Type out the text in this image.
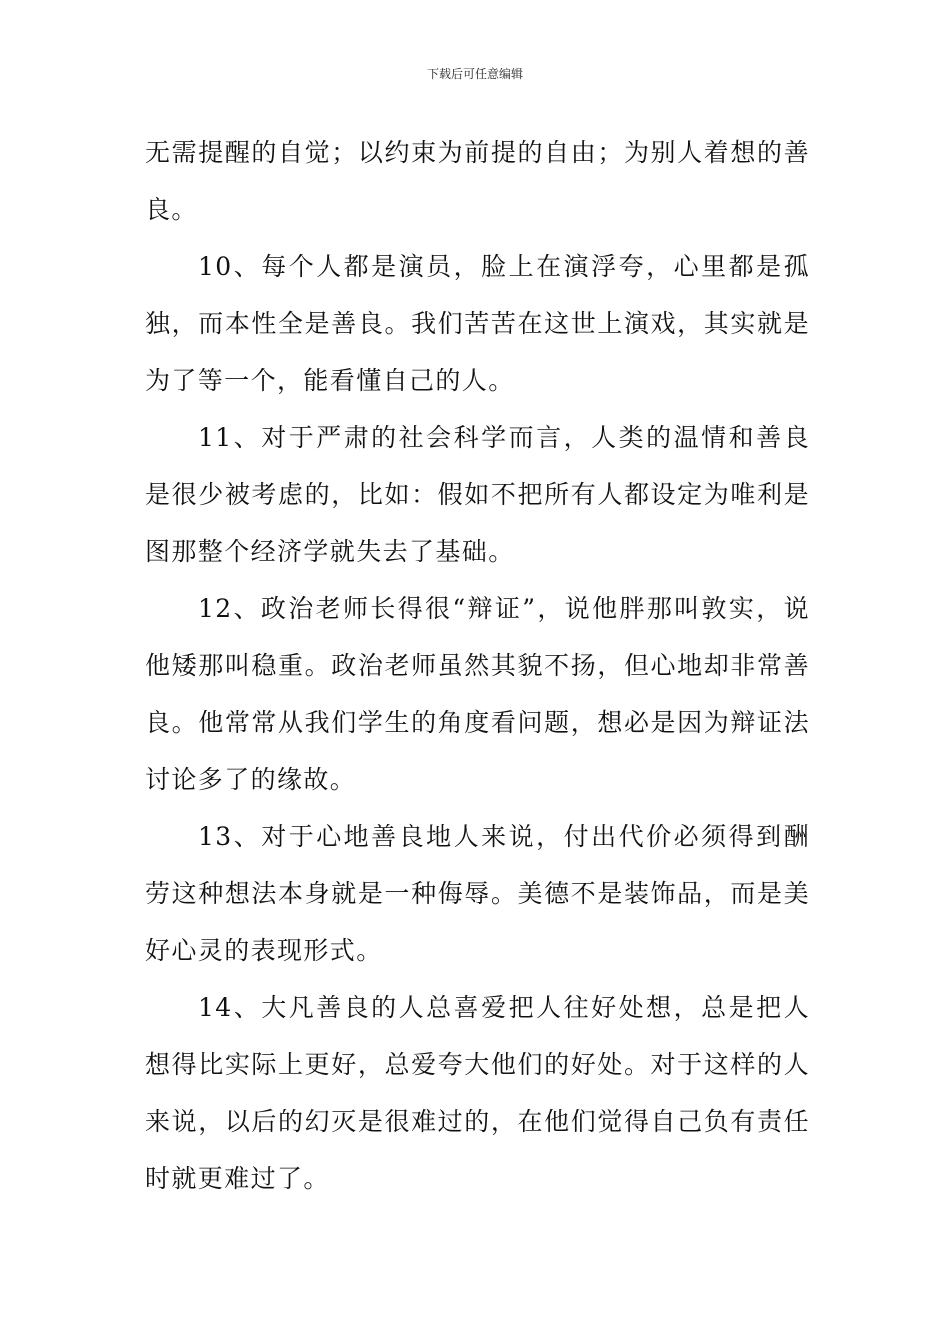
下载后可任意编辑

无需提醒的自觉；以约束为前提的自由；为别人着想的善良。

10、每个人都是演员，脸上在演浮夸，心里都是孤独，而本性全是善良。我们苦苦在这世上演戏，其实就是为了等一个，能看懂自己的人。

11、对于严肃的社会科学而言，人类的温情和善良是很少被考虑的，比如：假如不把所有人都设定为唯利是图那整个经济学就失去了基础。

12、政治老师长得很“辩证”，说他胖那叫敦实，说他矮那叫稳重。政治老师虽然其貌不扬，但心地却非常善良。他常常从我们学生的角度看问题，想必是因为辩证法讨论多了的缘故。

13、对于心地善良地人来说，付出代价必须得到酬劳这种想法本身就是一种侮辱。美德不是装饰品，而是美好心灵的表现形式。

14、大凡善良的人总喜爱把人往好处想，总是把人想得比实际上更好，总爱夸大他们的好处。对于这样的人来说，以后的幻灭是很难过的，在他们觉得自己负有责任时就更难过了。
